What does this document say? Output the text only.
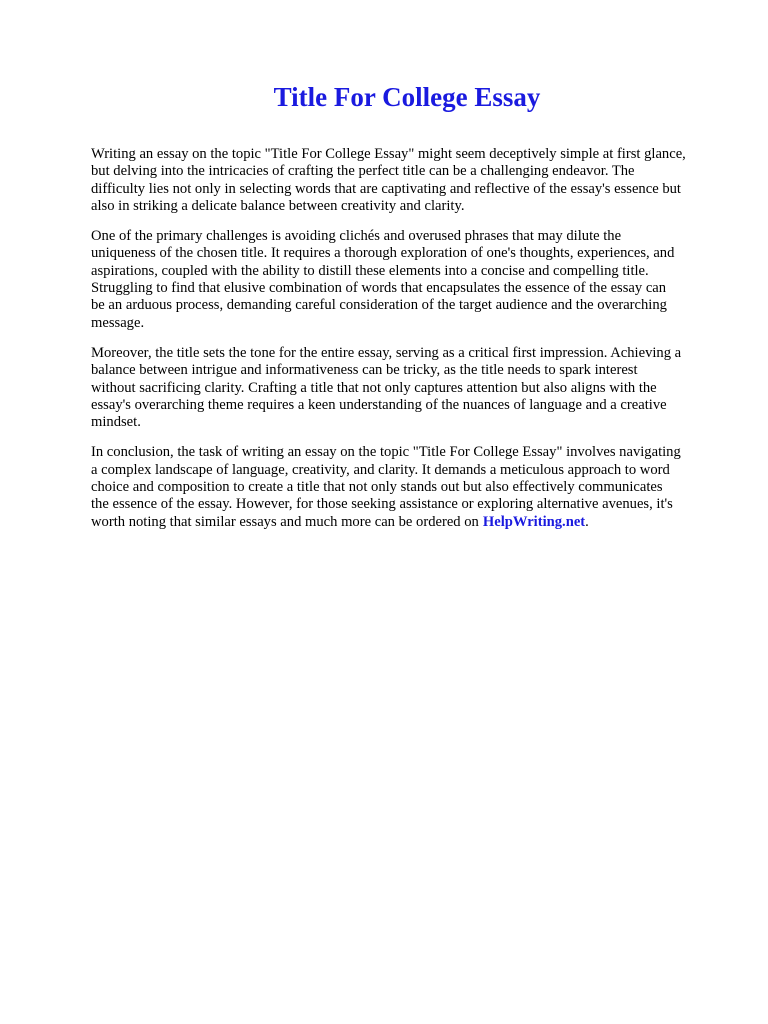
Title For College Essay

Writing an essay on the topic "Title For College Essay" might seem deceptively simple at first glance,
but delving into the intricacies of crafting the perfect title can be a challenging endeavor. The
difficulty lies not only in selecting words that are captivating and reflective of the essay's essence but
also in striking a delicate balance between creativity and clarity.

One of the primary challenges is avoiding clichés and overused phrases that may dilute the
uniqueness of the chosen title. It requires a thorough exploration of one's thoughts, experiences, and
aspirations, coupled with the ability to distill these elements into a concise and compelling title.
Struggling to find that elusive combination of words that encapsulates the essence of the essay can
be an arduous process, demanding careful consideration of the target audience and the overarching
message.

Moreover, the title sets the tone for the entire essay, serving as a critical first impression. Achieving a
balance between intrigue and informativeness can be tricky, as the title needs to spark interest
without sacrificing clarity. Crafting a title that not only captures attention but also aligns with the
essay's overarching theme requires a keen understanding of the nuances of language and a creative
mindset.

In conclusion, the task of writing an essay on the topic "Title For College Essay" involves navigating
a complex landscape of language, creativity, and clarity. It demands a meticulous approach to word
choice and composition to create a title that not only stands out but also effectively communicates
the essence of the essay. However, for those seeking assistance or exploring alternative avenues, it's
worth noting that similar essays and much more can be ordered on HelpWriting.net.
